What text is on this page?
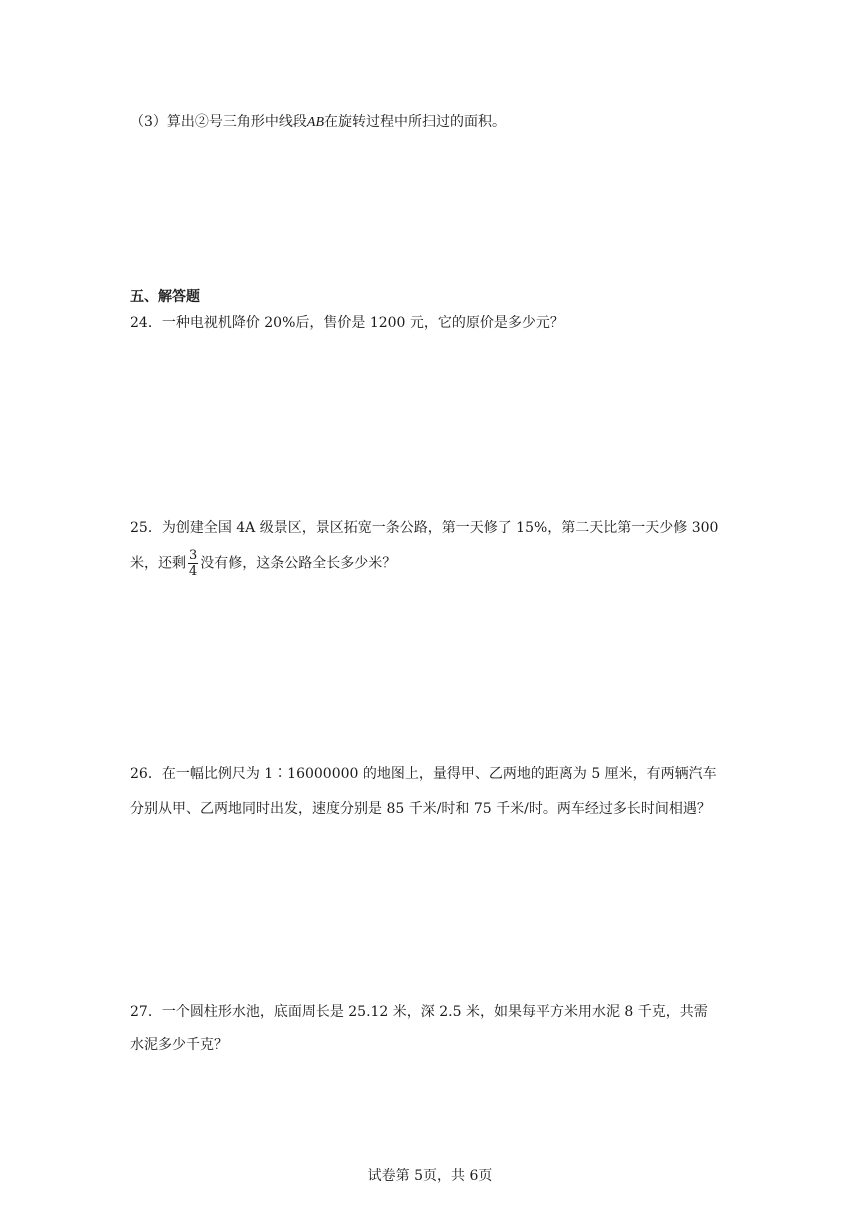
（3）算出②号三角形中线段AB在旋转过程中所扫过的面积。
五、解答题
24．一种电视机降价 20%后，售价是 1200 元，它的原价是多少元？
25．为创建全国 4A 级景区，景区拓宽一条公路，第一天修了 15%，第二天比第一天少修 300
米，还剩 $\frac{3}{4}$ 没有修，这条公路全长多少米？
26．在一幅比例尺为 1∶16000000 的地图上，量得甲、乙两地的距离为 5 厘米，有两辆汽车
分别从甲、乙两地同时出发，速度分别是 85 千米/时和 75 千米/时。两车经过多长时间相遇？
27．一个圆柱形水池，底面周长是 25.12 米，深 2.5 米，如果每平方米用水泥 8 千克，共需
水泥多少千克？
试卷第 5页，共 6页
